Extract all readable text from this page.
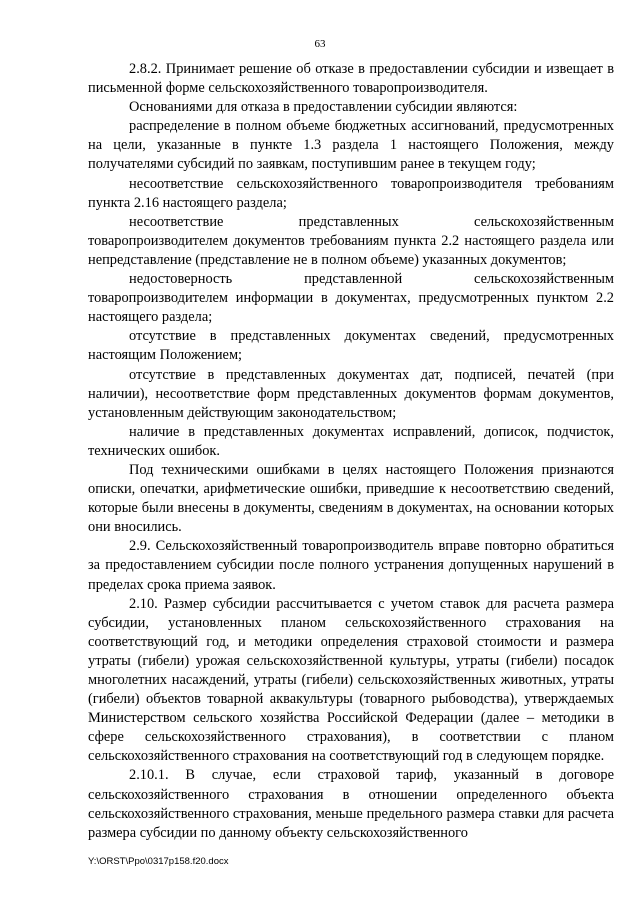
63

2.8.2. Принимает решение об отказе в предоставлении субсидии и извещает в письменной форме сельскохозяйственного товаропроизводителя.

Основаниями для отказа в предоставлении субсидии являются:

распределение в полном объеме бюджетных ассигнований, предусмотренных на цели, указанные в пункте 1.3 раздела 1 настоящего Положения, между получателями субсидий по заявкам, поступившим ранее в текущем году;

несоответствие сельскохозяйственного товаропроизводителя требованиям пункта 2.16 настоящего раздела;

несоответствие представленных сельскохозяйственным товаропроизводителем документов требованиям пункта 2.2 настоящего раздела или непредставление (представление не в полном объеме) указанных документов;

недостоверность представленной сельскохозяйственным товаропроизводителем информации в документах, предусмотренных пунктом 2.2 настоящего раздела;

отсутствие в представленных документах сведений, предусмотренных настоящим Положением;

отсутствие в представленных документах дат, подписей, печатей (при наличии), несоответствие форм представленных документов формам документов, установленным действующим законодательством;

наличие в представленных документах исправлений, дописок, подчисток, технических ошибок.

Под техническими ошибками в целях настоящего Положения признаются описки, опечатки, арифметические ошибки, приведшие к несоответствию сведений, которые были внесены в документы, сведениям в документах, на основании которых они вносились.

2.9. Сельскохозяйственный товаропроизводитель вправе повторно обратиться за предоставлением субсидии после полного устранения допущенных нарушений в пределах срока приема заявок.

2.10. Размер субсидии рассчитывается с учетом ставок для расчета размера субсидии, установленных планом сельскохозяйственного страхования на соответствующий год, и методики определения страховой стоимости и размера утраты (гибели) урожая сельскохозяйственной культуры, утраты (гибели) посадок многолетних насаждений, утраты (гибели) сельскохозяйственных животных, утраты (гибели) объектов товарной аквакультуры (товарного рыбоводства), утверждаемых Министерством сельского хозяйства Российской Федерации (далее – методики в сфере сельскохозяйственного страхования), в соответствии с планом сельскохозяйственного страхования на соответствующий год в следующем порядке.

2.10.1. В случае, если страховой тариф, указанный в договоре сельскохозяйственного страхования в отношении определенного объекта сельскохозяйственного страхования, меньше предельного размера ставки для расчета размера субсидии по данному объекту сельскохозяйственного

Y:\ORST\Ppo\0317p158.f20.docx
